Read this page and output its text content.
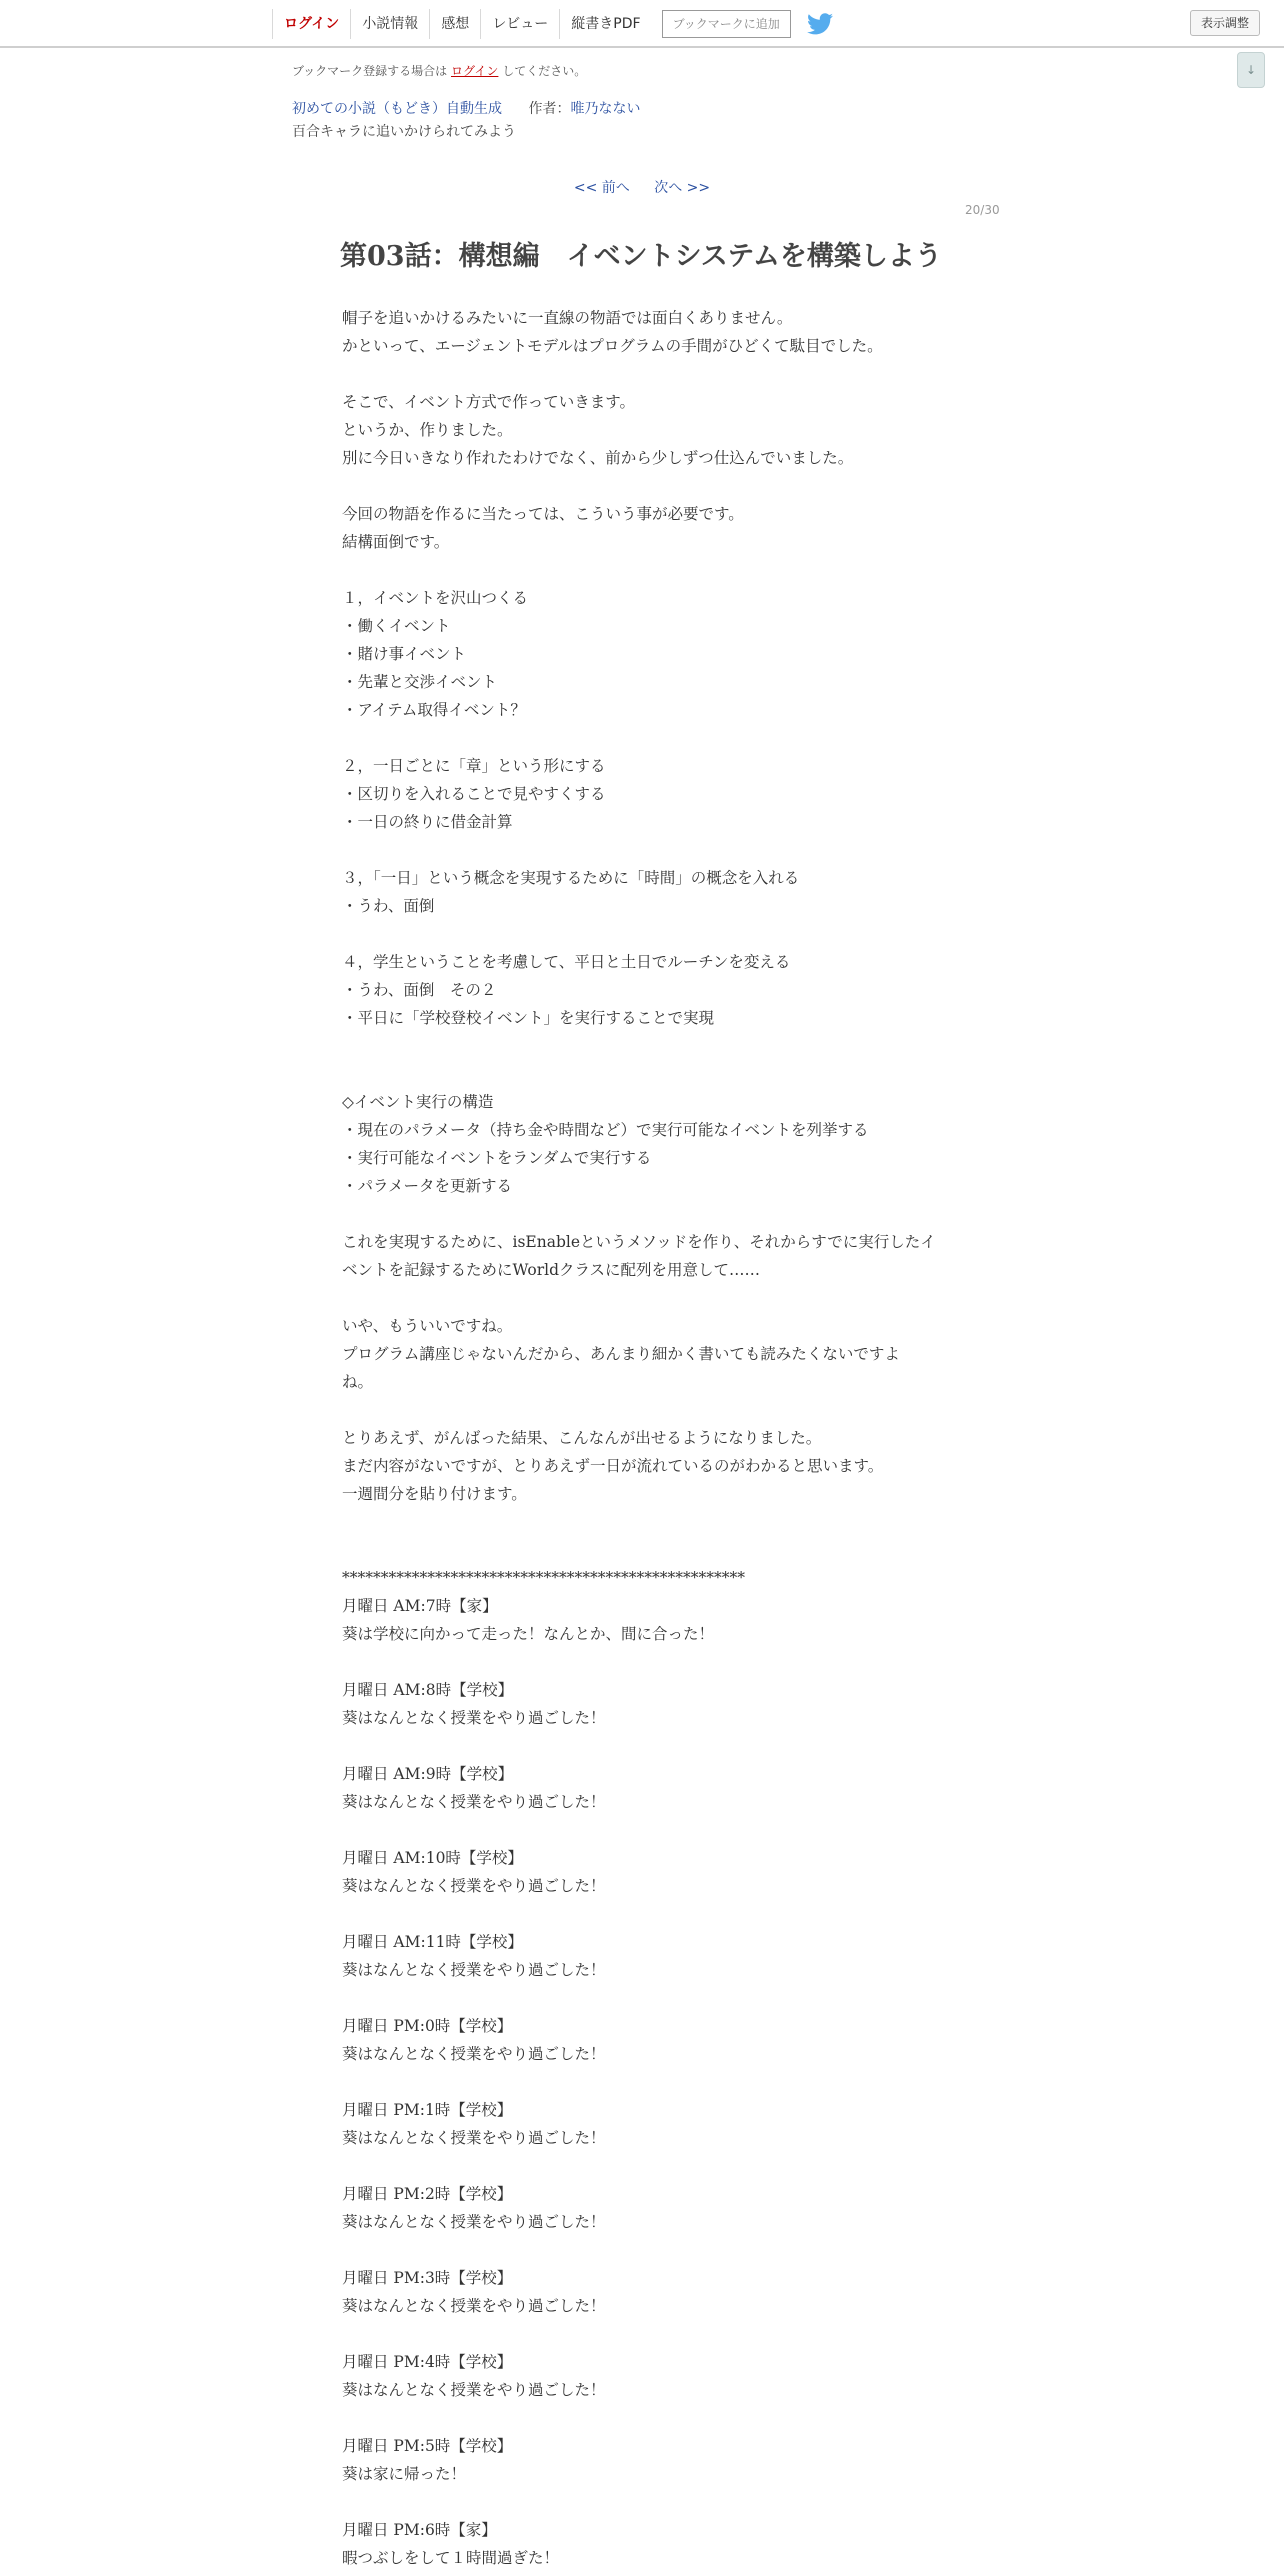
ログイン	小説情報	感想	レビュー	縦書きPDF	ブックマークに追加	表示調整
↓
ブックマーク登録する場合は ログイン してください。
初めての小説（もどき）自動生成 作者：唯乃なない
百合キャラに追いかけられてみよう
<< 前へ 次へ >>
20/30
第03話：構想編　イベントシステムを構築しよう
帽子を追いかけるみたいに一直線の物語では面白くありません。
かといって、エージェントモデルはプログラムの手間がひどくて駄目でした。
そこで、イベント方式で作っていきます。
というか、作りました。
別に今日いきなり作れたわけでなく、前から少しずつ仕込んでいました。
今回の物語を作るに当たっては、こういう事が必要です。
結構面倒です。
１，イベントを沢山つくる
・働くイベント
・賭け事イベント
・先輩と交渉イベント
・アイテム取得イベント？
２，一日ごとに「章」という形にする
・区切りを入れることで見やすくする
・一日の終りに借金計算
３，「一日」という概念を実現するために「時間」の概念を入れる
・うわ、面倒
４，学生ということを考慮して、平日と土日でルーチンを変える
・うわ、面倒　その２
・平日に「学校登校イベント」を実行することで実現
◇イベント実行の構造
・現在のパラメータ（持ち金や時間など）で実行可能なイベントを列挙する
・実行可能なイベントをランダムで実行する
・パラメータを更新する
これを実現するために、isEnableというメソッドを作り、それからすでに実行したイ
ベントを記録するためにWorldクラスに配列を用意して……
いや、もういいですね。
プログラム講座じゃないんだから、あんまり細かく書いても読みたくないですよ
ね。
とりあえず、がんばった結果、こんなんが出せるようになりました。
まだ内容がないですが、とりあえず一日が流れているのがわかると思います。
一週間分を貼り付けます。
****************************************************
月曜日 AM:7時【家】
葵は学校に向かって走った！なんとか、間に合った！
月曜日 AM:8時【学校】
葵はなんとなく授業をやり過ごした！
月曜日 AM:9時【学校】
葵はなんとなく授業をやり過ごした！
月曜日 AM:10時【学校】
葵はなんとなく授業をやり過ごした！
月曜日 AM:11時【学校】
葵はなんとなく授業をやり過ごした！
月曜日 PM:0時【学校】
葵はなんとなく授業をやり過ごした！
月曜日 PM:1時【学校】
葵はなんとなく授業をやり過ごした！
月曜日 PM:2時【学校】
葵はなんとなく授業をやり過ごした！
月曜日 PM:3時【学校】
葵はなんとなく授業をやり過ごした！
月曜日 PM:4時【学校】
葵はなんとなく授業をやり過ごした！
月曜日 PM:5時【学校】
葵は家に帰った！
月曜日 PM:6時【家】
暇つぶしをして１時間過ぎた！
